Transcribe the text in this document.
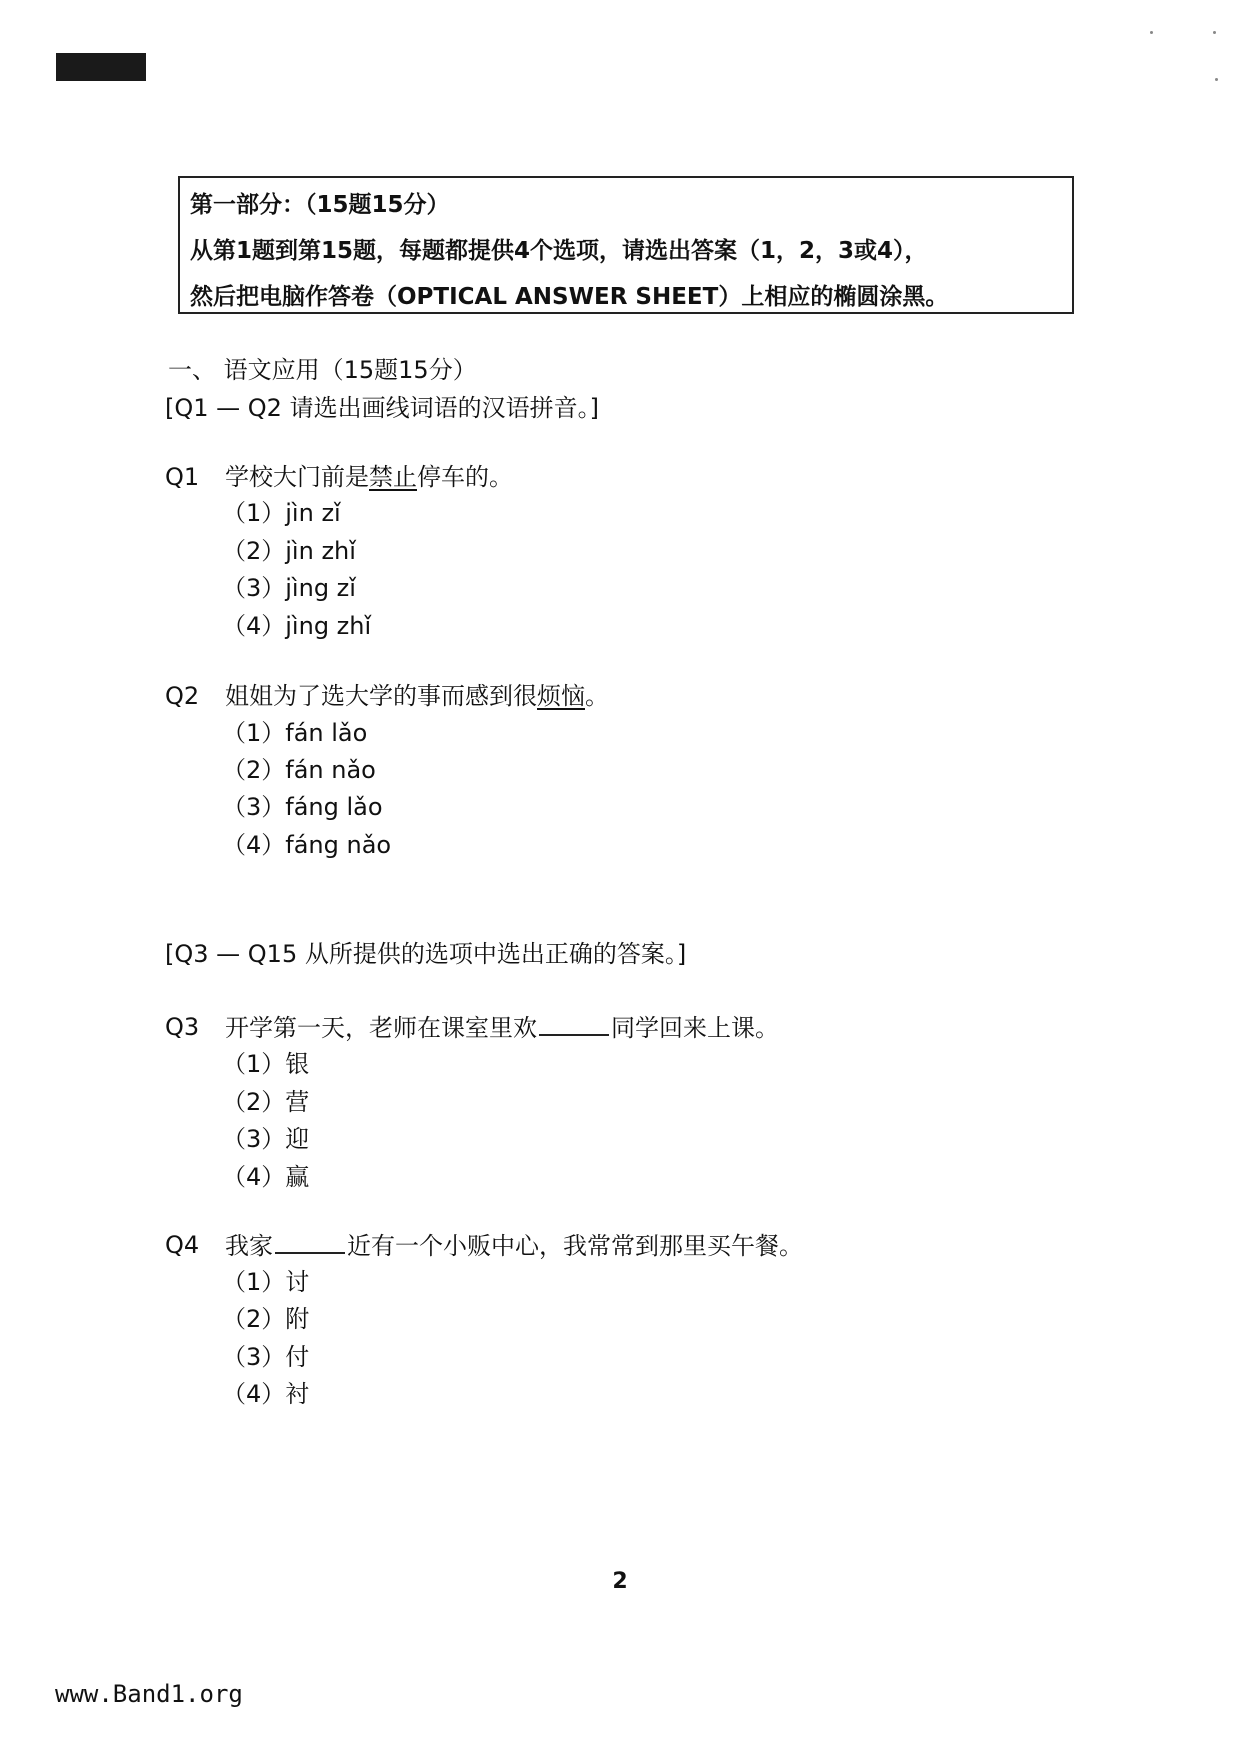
第一部分：（15题15分）
从第1题到第15题，每题都提供4个选项，请选出答案（1，2，3或4），
然后把电脑作答卷（OPTICAL ANSWER SHEET）上相应的椭圆涂黑。
一、 语文应用（15题15分）
[Q1 — Q2 请选出画线词语的汉语拼音。]
Q1 学校大门前是禁止停车的。
（1）jìn zǐ
（2）jìn zhǐ
（3）jìng zǐ
（4）jìng zhǐ
Q2 姐姐为了选大学的事而感到很烦恼。
（1）fán lǎo
（2）fán nǎo
（3）fáng lǎo
（4）fáng nǎo
[Q3 — Q15 从所提供的选项中选出正确的答案。]
Q3 开学第一天，老师在课室里欢	同学回来上课。
（1）银
（2）营
（3）迎
（4）赢
Q4 我家	近有一个小贩中心，我常常到那里买午餐。
（1）讨
（2）附
（3）付
（4）衬
2
www.Band1.org
